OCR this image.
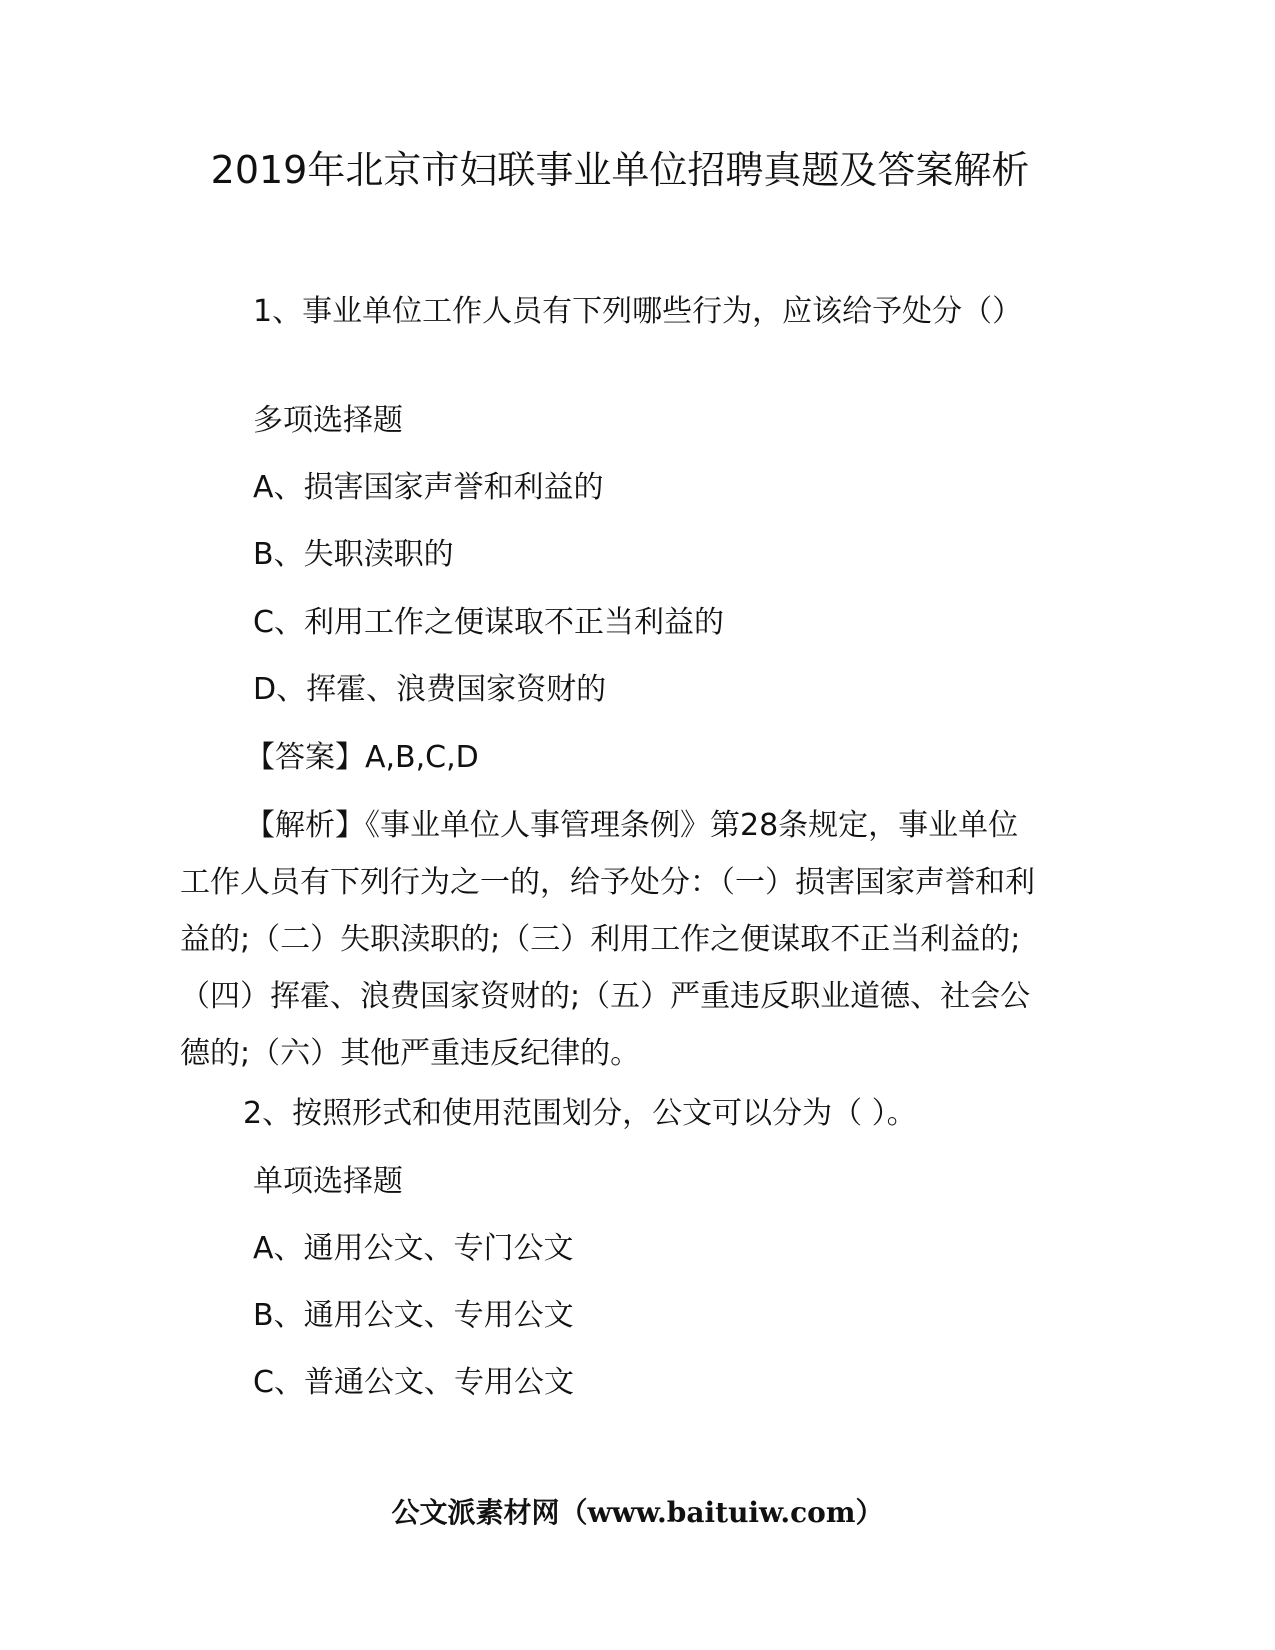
2019年北京市妇联事业单位招聘真题及答案解析

1、事业单位工作人员有下列哪些行为，应该给予处分（）

多项选择题

A、损害国家声誉和利益的

B、失职渎职的

C、利用工作之便谋取不正当利益的

D、挥霍、浪费国家资财的

【答案】A,B,C,D

【解析】《事业单位人事管理条例》第28条规定，事业单位工作人员有下列行为之一的，给予处分：（一）损害国家声誉和利益的;（二）失职渎职的;（三）利用工作之便谋取不正当利益的;（四）挥霍、浪费国家资财的;（五）严重违反职业道德、社会公德的;（六）其他严重违反纪律的。

2、按照形式和使用范围划分，公文可以分为（ ）。

单项选择题

A、通用公文、专门公文

B、通用公文、专用公文

C、普通公文、专用公文

公文派素材网（www.baituiw.com）
